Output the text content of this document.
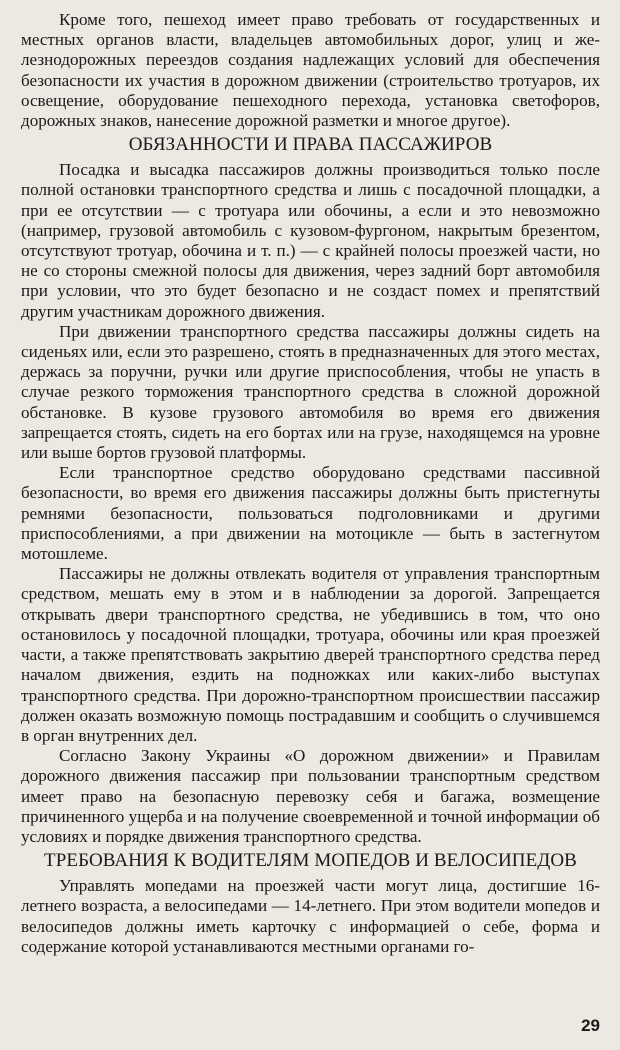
Кроме того, пешеход имеет право требовать от государственных и местных органов власти, владельцев автомобильных дорог, улиц и железнодорожных переездов создания надлежащих условий для обеспечения безопасности их участия в дорожном движении (строительство тротуаров, их освещение, оборудование пешеходного перехода, установка светофоров, дорожных знаков, нанесение дорожной разметки и многое другое).

ОБЯЗАННОСТИ И ПРАВА ПАССАЖИРОВ

Посадка и высадка пассажиров должны производиться только после полной остановки транспортного средства и лишь с посадочной площадки, а при ее отсутствии — с тротуара или обочины, а если и это невозможно (например, грузовой автомобиль с кузовом-фургоном, накрытым брезентом, отсутствуют тротуар, обочина и т. п.) — с крайней полосы проезжей части, но не со стороны смежной полосы для движения, через задний борт автомобиля при условии, что это будет безопасно и не создаст помех и препятствий другим участникам дорожного движения.

При движении транспортного средства пассажиры должны сидеть на сиденьях или, если это разрешено, стоять в предназначенных для этого местах, держась за поручни, ручки или другие приспособления, чтобы не упасть в случае резкого торможения транспортного средства в сложной дорожной обстановке. В кузове грузового автомобиля во время его движения запрещается стоять, сидеть на его бортах или на грузе, находящемся на уровне или выше бортов грузовой платформы.

Если транспортное средство оборудовано средствами пассивной безопасности, во время его движения пассажиры должны быть пристегнуты ремнями безопасности, пользоваться подголовниками и другими приспособлениями, а при движении на мотоцикле — быть в застегнутом мотошлеме.

Пассажиры не должны отвлекать водителя от управления транспортным средством, мешать ему в этом и в наблюдении за дорогой. Запрещается открывать двери транспортного средства, не убедившись в том, что оно остановилось у посадочной площадки, тротуара, обочины или края проезжей части, а также препятствовать закрытию дверей транспортного средства перед началом движения, ездить на подножках или каких-либо выступах транспортного средства. При дорожно-транспортном происшествии пассажир должен оказать возможную помощь пострадавшим и сообщить о случившемся в орган внутренних дел.

Согласно Закону Украины «О дорожном движении» и Правилам дорожного движения пассажир при пользовании транспортным средством имеет право на безопасную перевозку себя и багажа, возмещение причиненного ущерба и на получение своевременной и точной информации об условиях и порядке движения транспортного средства.

ТРЕБОВАНИЯ К ВОДИТЕЛЯМ МОПЕДОВ И ВЕЛОСИПЕДОВ

Управлять мопедами на проезжей части могут лица, достигшие 16-летнего возраста, а велосипедами — 14-летнего. При этом водители мопедов и велосипедов должны иметь карточку с информацией о себе, форма и содержание которой устанавливаются местными органами го-

29
